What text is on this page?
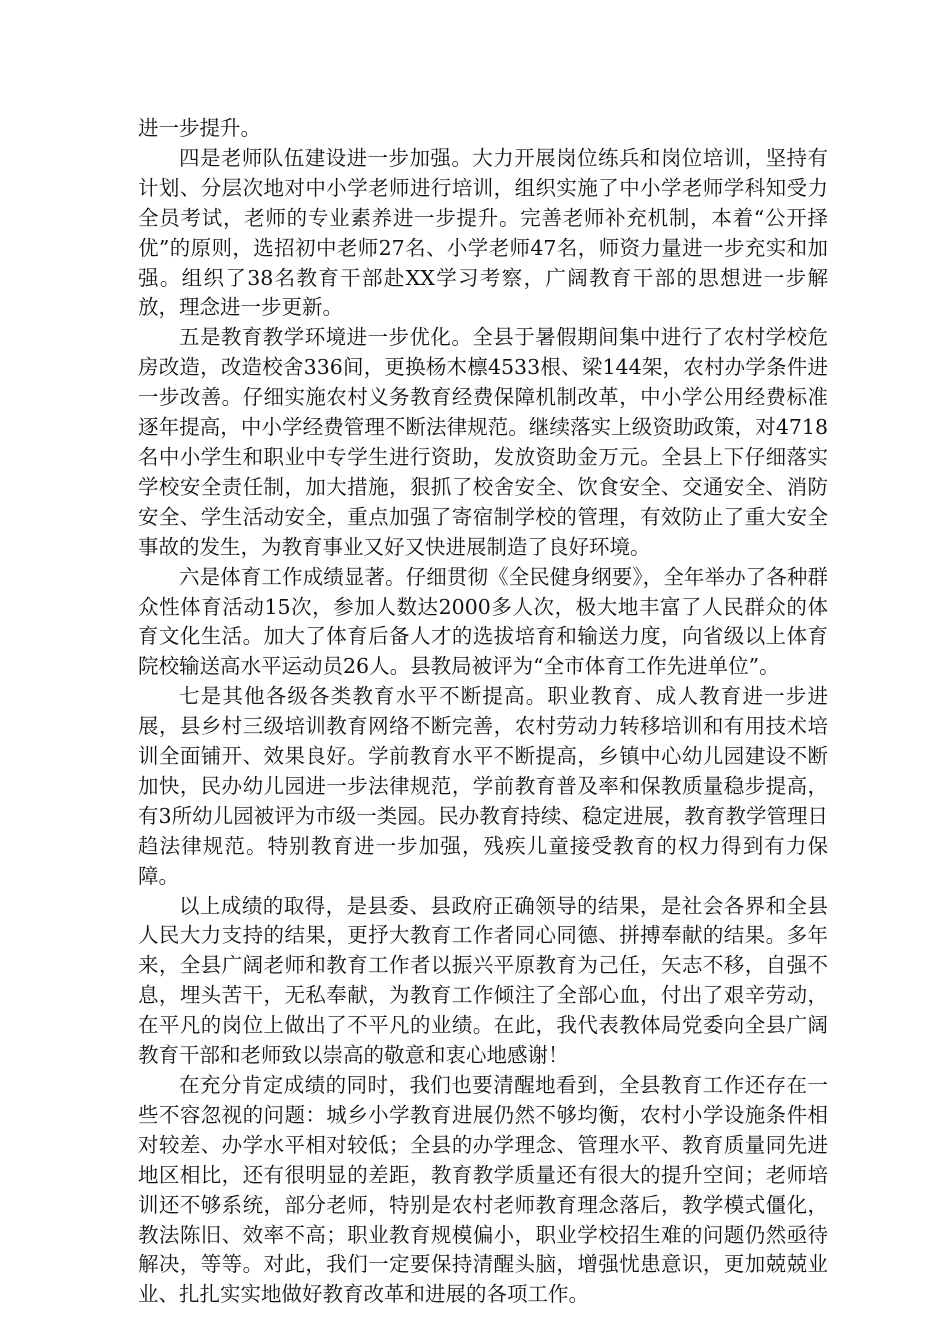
进一步提升。

四是老师队伍建设进一步加强。大力开展岗位练兵和岗位培训，坚持有计划、分层次地对中小学老师进行培训，组织实施了中小学老师学科知受力全员考试，老师的专业素养进一步提升。完善老师补充机制，本着“公开择优”的原则，选招初中老师27名、小学老师47名，师资力量进一步充实和加强。组织了38名教育干部赴XX学习考察，广阔教育干部的思想进一步解放，理念进一步更新。

五是教育教学环境进一步优化。全县于暑假期间集中进行了农村学校危房改造，改造校舍336间，更换杨木檩4533根、梁144架，农村办学条件进一步改善。仔细实施农村义务教育经费保障机制改革，中小学公用经费标准逐年提高，中小学经费管理不断法律规范。继续落实上级资助政策，对4718名中小学生和职业中专学生进行资助，发放资助金万元。全县上下仔细落实学校安全责任制，加大措施，狠抓了校舍安全、饮食安全、交通安全、消防安全、学生活动安全，重点加强了寄宿制学校的管理，有效防止了重大安全事故的发生，为教育事业又好又快进展制造了良好环境。

六是体育工作成绩显著。仔细贯彻《全民健身纲要》，全年举办了各种群众性体育活动15次，参加人数达2000多人次，极大地丰富了人民群众的体育文化生活。加大了体育后备人才的选拔培育和输送力度，向省级以上体育院校输送高水平运动员26人。县教局被评为“全市体育工作先进单位”。

七是其他各级各类教育水平不断提高。职业教育、成人教育进一步进展，县乡村三级培训教育网络不断完善，农村劳动力转移培训和有用技术培训全面铺开、效果良好。学前教育水平不断提高，乡镇中心幼儿园建设不断加快，民办幼儿园进一步法律规范，学前教育普及率和保教质量稳步提高，有3所幼儿园被评为市级一类园。民办教育持续、稳定进展，教育教学管理日趋法律规范。特别教育进一步加强，残疾儿童接受教育的权力得到有力保障。

以上成绩的取得，是县委、县政府正确领导的结果，是社会各界和全县人民大力支持的结果，更抒大教育工作者同心同德、拼搏奉献的结果。多年来，全县广阔老师和教育工作者以振兴平原教育为己任，矢志不移，自强不息，埋头苦干，无私奉献，为教育工作倾注了全部心血，付出了艰辛劳动，在平凡的岗位上做出了不平凡的业绩。在此，我代表教体局党委向全县广阔教育干部和老师致以崇高的敬意和衷心地感谢！

在充分肯定成绩的同时，我们也要清醒地看到，全县教育工作还存在一些不容忽视的问题：城乡小学教育进展仍然不够均衡，农村小学设施条件相对较差、办学水平相对较低；全县的办学理念、管理水平、教育质量同先进地区相比，还有很明显的差距，教育教学质量还有很大的提升空间；老师培训还不够系统，部分老师，特别是农村老师教育理念落后，教学模式僵化，教法陈旧、效率不高；职业教育规模偏小，职业学校招生难的问题仍然亟待解决，等等。对此，我们一定要保持清醒头脑，增强忧患意识，更加兢兢业业、扎扎实实地做好教育改革和进展的各项工作。
